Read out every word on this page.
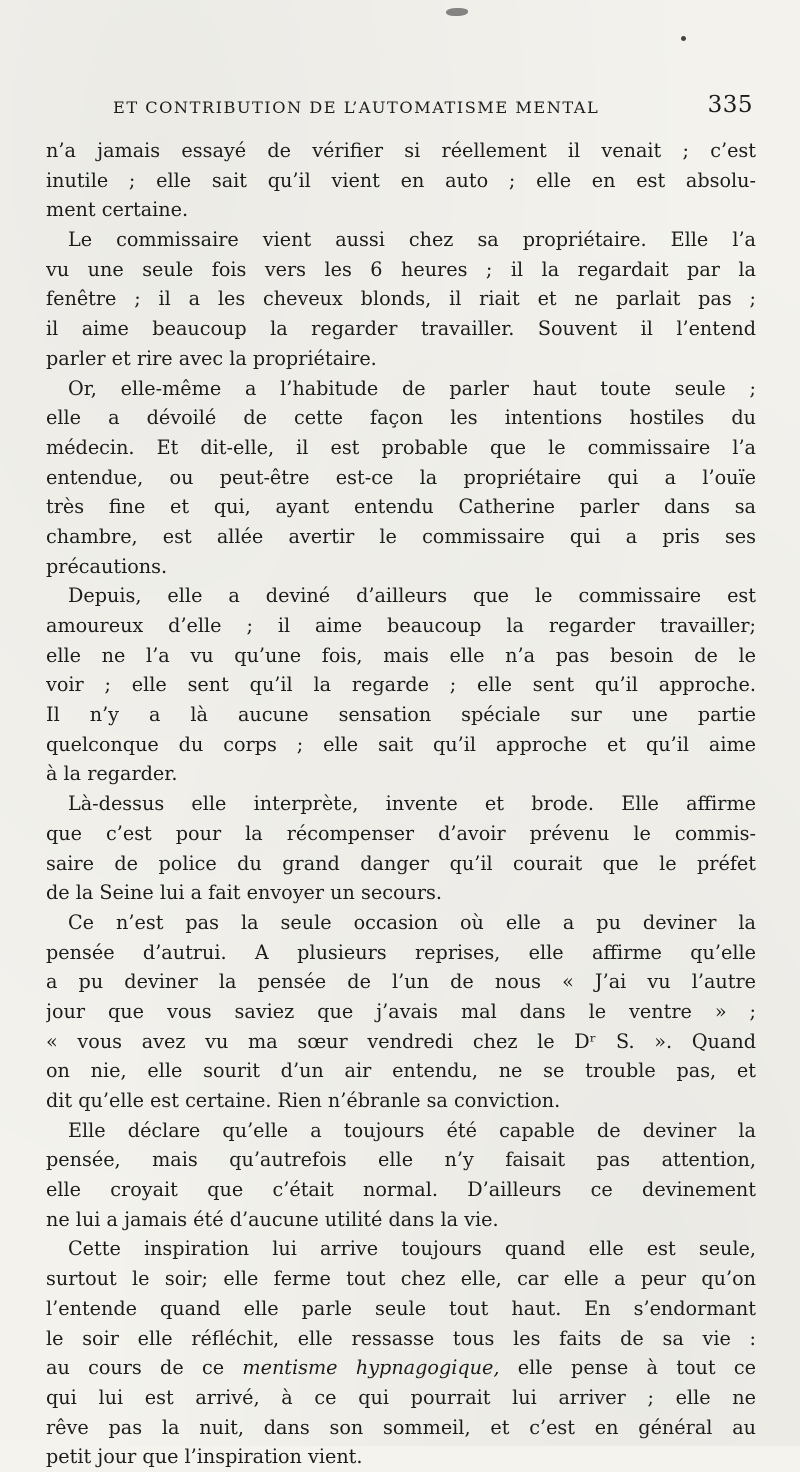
ET CONTRIBUTION DE L’AUTOMATISME MENTAL	335
n’a jamais essayé de vérifier si réellement il venait ; c’est
inutile ; elle sait qu’il vient en auto ; elle en est absolu-
ment certaine.
Le commissaire vient aussi chez sa propriétaire. Elle l’a
vu une seule fois vers les 6 heures ; il la regardait par la
fenêtre ; il a les cheveux blonds, il riait et ne parlait pas ;
il aime beaucoup la regarder travailler. Souvent il l’entend
parler et rire avec la propriétaire.
Or, elle-même a l’habitude de parler haut toute seule ;
elle a dévoilé de cette façon les intentions hostiles du
médecin. Et dit-elle, il est probable que le commissaire l’a
entendue, ou peut-être est-ce la propriétaire qui a l’ouïe
très fine et qui, ayant entendu Catherine parler dans sa
chambre, est allée avertir le commissaire qui a pris ses
précautions.
Depuis, elle a deviné d’ailleurs que le commissaire est
amoureux d’elle ; il aime beaucoup la regarder travailler;
elle ne l’a vu qu’une fois, mais elle n’a pas besoin de le
voir ; elle sent qu’il la regarde ; elle sent qu’il approche.
Il n’y a là aucune sensation spéciale sur une partie
quelconque du corps ; elle sait qu’il approche et qu’il aime
à la regarder.
Là-dessus elle interprète, invente et brode. Elle affirme
que c’est pour la récompenser d’avoir prévenu le commis-
saire de police du grand danger qu’il courait que le préfet
de la Seine lui a fait envoyer un secours.
Ce n’est pas la seule occasion où elle a pu deviner la
pensée d’autrui. A plusieurs reprises, elle affirme qu’elle
a pu deviner la pensée de l’un de nous « J’ai vu l’autre
jour que vous saviez que j’avais mal dans le ventre » ;
« vous avez vu ma sœur vendredi chez le Dʳ S. ». Quand
on nie, elle sourit d’un air entendu, ne se trouble pas, et
dit qu’elle est certaine. Rien n’ébranle sa conviction.
Elle déclare qu’elle a toujours été capable de deviner la
pensée, mais qu’autrefois elle n’y faisait pas attention,
elle croyait que c’était normal. D’ailleurs ce devinement
ne lui a jamais été d’aucune utilité dans la vie.
Cette inspiration lui arrive toujours quand elle est seule,
surtout le soir; elle ferme tout chez elle, car elle a peur qu’on
l’entende quand elle parle seule tout haut. En s’endormant
le soir elle réfléchit, elle ressasse tous les faits de sa vie :
au cours de ce mentisme hypnagogique, elle pense à tout ce
qui lui est arrivé, à ce qui pourrait lui arriver ; elle ne
rêve pas la nuit, dans son sommeil, et c’est en général au
petit jour que l’inspiration vient.
